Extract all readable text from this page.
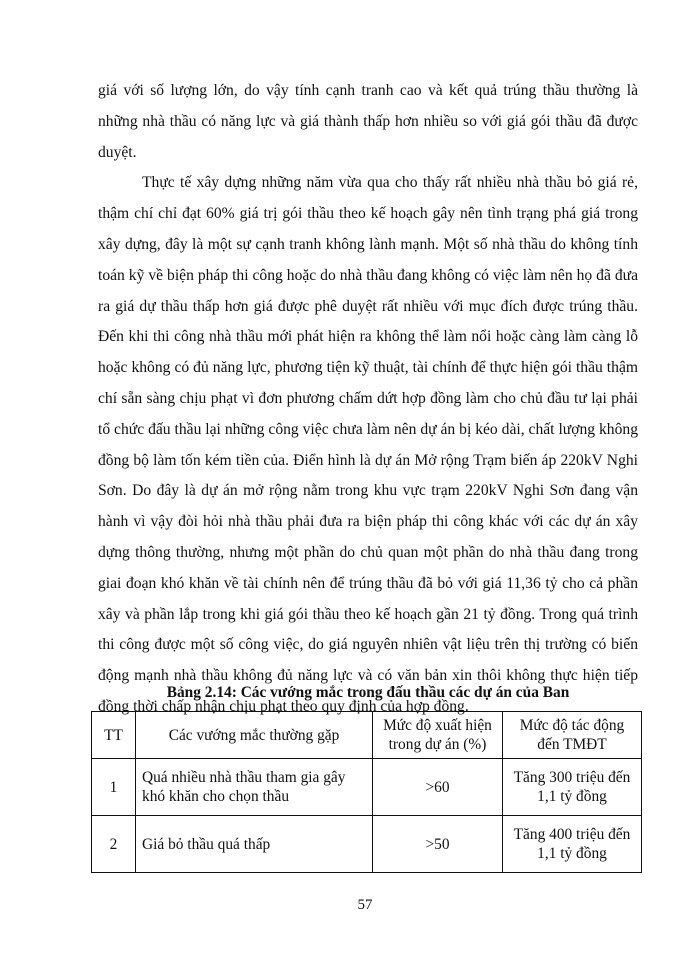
giá với số lượng lớn, do vậy tính cạnh tranh cao và kết quả trúng thầu thường là những nhà thầu có năng lực và giá thành thấp hơn nhiều so với giá gói thầu đã được duyệt.

Thực tế xây dựng những năm vừa qua cho thấy rất nhiều nhà thầu bỏ giá rẻ, thậm chí chỉ đạt 60% giá trị gói thầu theo kế hoạch gây nên tình trạng phá giá trong xây dựng, đây là một sự cạnh tranh không lành mạnh. Một số nhà thầu do không tính toán kỹ về biện pháp thi công hoặc do nhà thầu đang không có việc làm nên họ đã đưa ra giá dự thầu thấp hơn giá được phê duyệt rất nhiều với mục đích được trúng thầu. Đến khi thi công nhà thầu mới phát hiện ra không thể làm nổi hoặc càng làm càng lỗ hoặc không có đủ năng lực, phương tiện kỹ thuật, tài chính để thực hiện gói thầu thậm chí sẵn sàng chịu phạt vì đơn phương chấm dứt hợp đồng làm cho chủ đầu tư lại phải tổ chức đấu thầu lại những công việc chưa làm nên dự án bị kéo dài, chất lượng không đồng bộ làm tốn kém tiền của. Điển hình là dự án Mở rộng Trạm biến áp 220kV Nghi Sơn. Do đây là dự án mở rộng nằm trong khu vực trạm 220kV Nghi Sơn đang vận hành vì vậy đòi hỏi nhà thầu phải đưa ra biện pháp thi công khác với các dự án xây dựng thông thường, nhưng một phần do chủ quan một phần do nhà thầu đang trong giai đoạn khó khăn về tài chính nên để trúng thầu đã bỏ với giá 11,36 tỷ cho cả phần xây và phần lắp trong khi giá gói thầu theo kế hoạch gần 21 tỷ đồng. Trong quá trình thi công được một số công việc, do giá nguyên nhiên vật liệu trên thị trường có biến động mạnh nhà thầu không đủ năng lực và có văn bản xin thôi không thực hiện tiếp đồng thời chấp nhận chịu phạt theo quy định của hợp đồng.

Bảng 2.14: Các vướng mắc trong đấu thầu các dự án của Ban
TT	Các vướng mắc thường gặp	Mức độ xuất hiện trong dự án (%)	Mức độ tác động đến TMĐT
1	Quá nhiều nhà thầu tham gia gây khó khăn cho chọn thầu	>60	Tăng 300 triệu đến 1,1 tỷ đồng
2	Giá bỏ thầu quá thấp	>50	Tăng 400 triệu đến 1,1 tỷ đồng
57
